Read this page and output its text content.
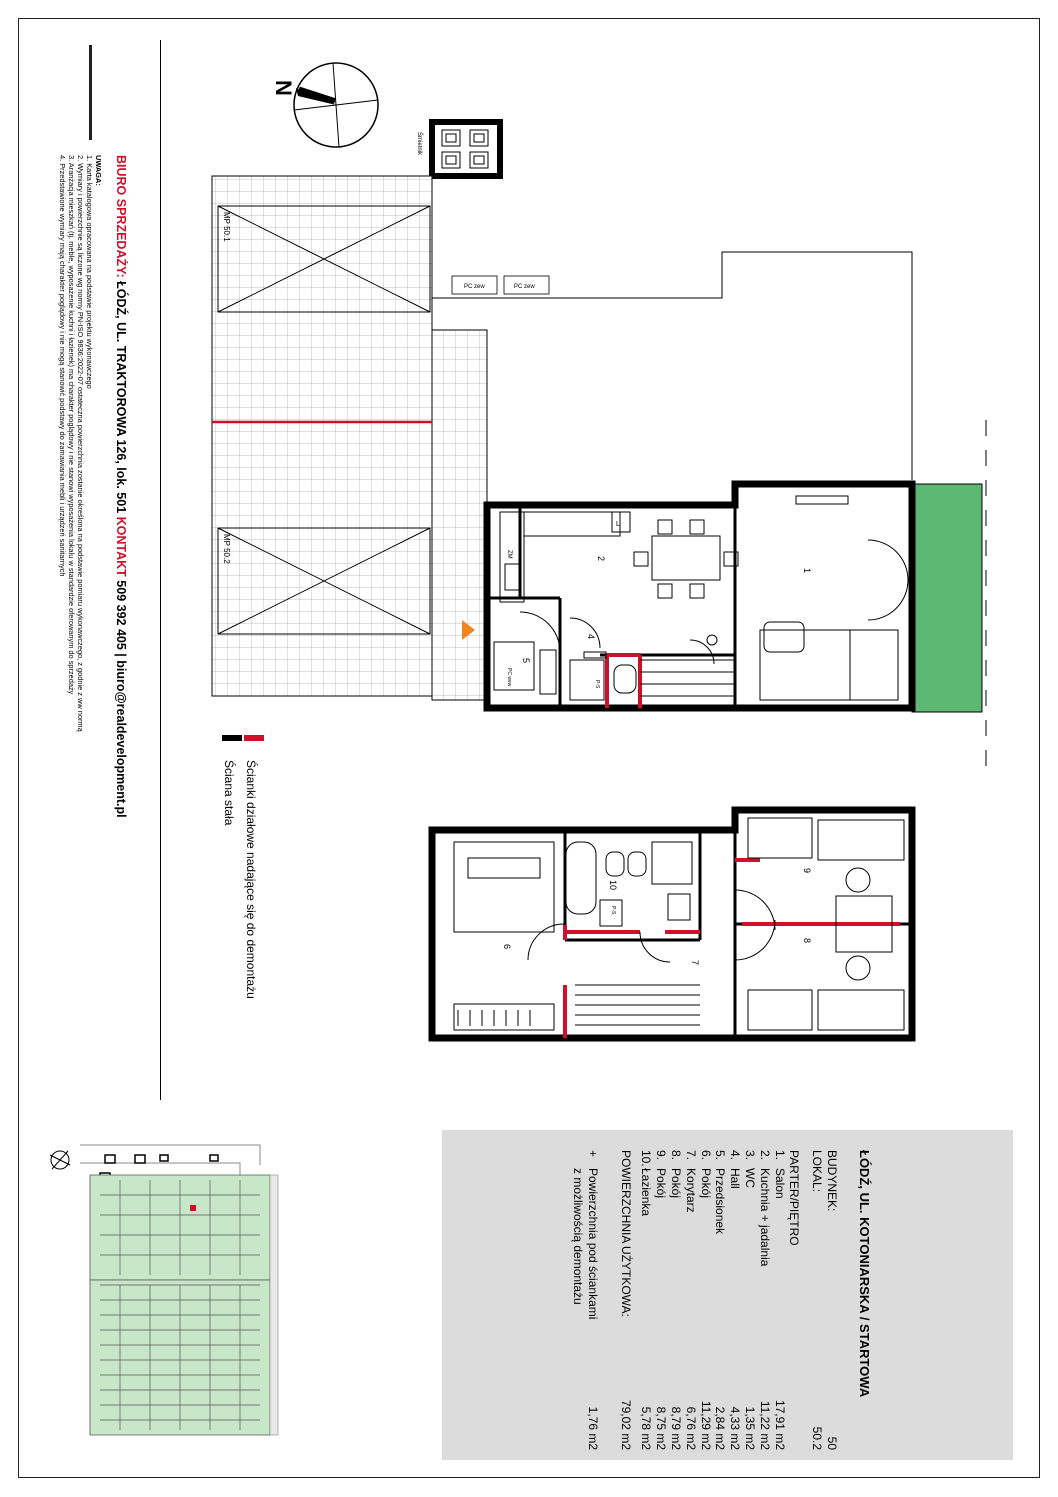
BIURO SPRZEDAŻY: ŁÓDŹ, UL. TRAKTOROWA 126, lok. 501 KONTAKT 509 392 405 | biuro@realdevelopment.pl
UWAGA:
1. Karta katalogowa opracowana na podstawie projektu wykonawczego
2. Wymiary i powierzchnie są liczone wg normy PN-ISO 9836:2022-07 ostateczna powierzchnia zostanie określona na podstawie pomiaru wykonawczego, z godnie z ww normą
3. Aranżacja mieszkań (tj. meble, wyposażenie kuchni i łazienek) ma charakter poglądowy i nie stanowi wyposażenia lokalu w standardzie oferowanym do sprzedaży
4. Przedstawione wymiary mają charakter poglądowy i nie mogą stanowić podstawy do zamawiania mebli i urządzeń sanitarnych
N
Śmietnik
MP 50.1
MP 50.2
PC zew	PC zew
L
ZM
PC wew	P-S
1
2
4
5
P-S
6
7
8
9
10
Ścianki działowe nadające się do demontażu
Ściana stała
ŁÓDŹ, UL. KOTONIARSKA / STARTOWA
BUDYNEK:
50
LOKAL:
50.2
PARTER/PIĘTRO
1.
Salon
17,91 m2
2.
Kuchnia + jadalnia
11,22 m2
3.
WC
1,35 m2
4.
Hall
4,33 m2
5.
Przedsionek
2,84 m2
6.
Pokój
11,29 m2
7.
Korytarz
6,76 m2
8.
Pokój
8,79 m2
9.
Pokój
8,75 m2
10.
Łazienka
5,78 m2
POWIERZCHNIA UŻYTKOWA:
79,02 m2
+
Powierzchnia pod ściankami
1,76 m2
z możliwością demontażu
